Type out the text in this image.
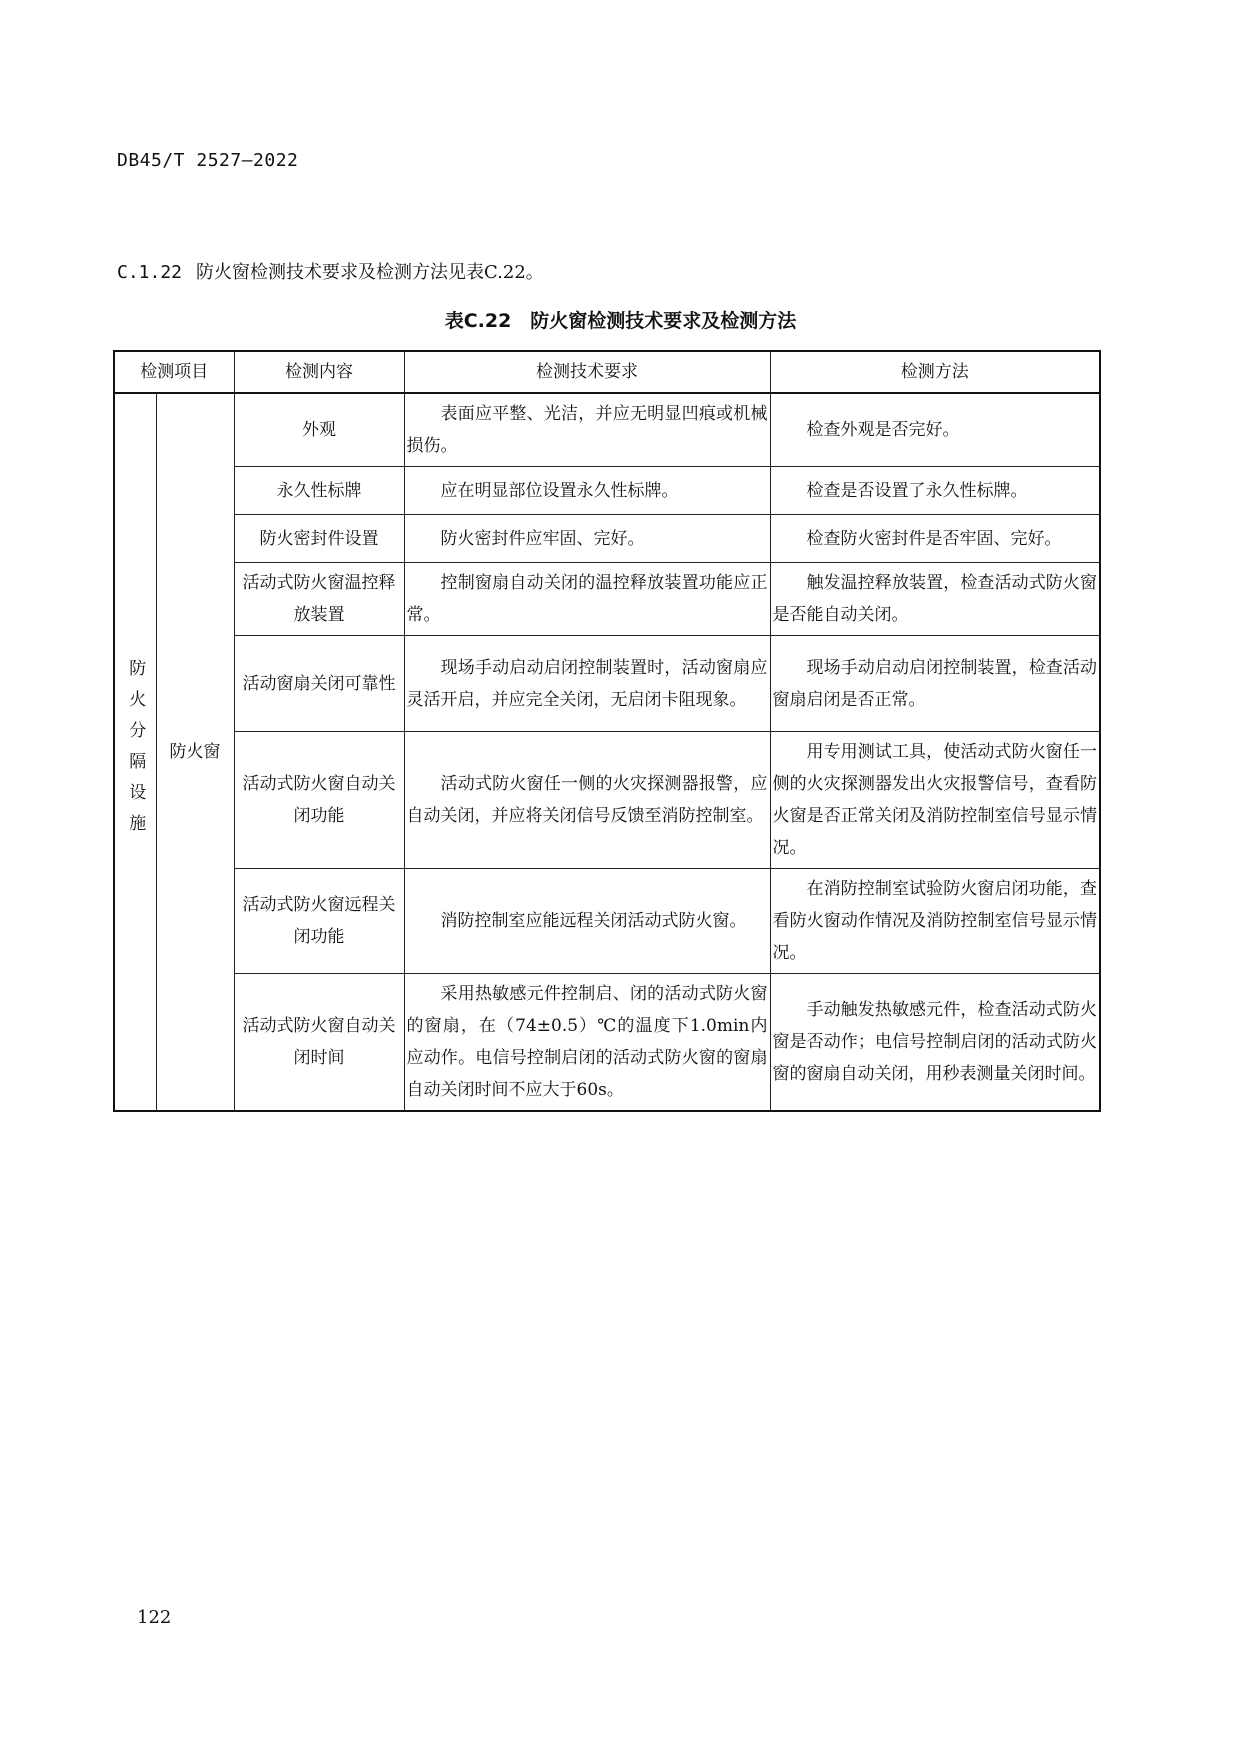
DB45/T 2527—2022
C.1.22 防火窗检测技术要求及检测方法见表C.22。
表C.22　防火窗检测技术要求及检测方法
检测项目		检测内容	检测技术要求	检测方法
防火分隔设施	防火窗	外观	表面应平整、光洁，并应无明显凹痕或机械损伤。	检查外观是否完好。
		永久性标牌	应在明显部位设置永久性标牌。	检查是否设置了永久性标牌。
		防火密封件设置	防火密封件应牢固、完好。	检查防火密封件是否牢固、完好。
		活动式防火窗温控释放装置	控制窗扇自动关闭的温控释放装置功能应正常。	触发温控释放装置，检查活动式防火窗是否能自动关闭。
		活动窗扇关闭可靠性	现场手动启动启闭控制装置时，活动窗扇应灵活开启，并应完全关闭，无启闭卡阻现象。	现场手动启动启闭控制装置，检查活动窗扇启闭是否正常。
		活动式防火窗自动关闭功能	活动式防火窗任一侧的火灾探测器报警，应自动关闭，并应将关闭信号反馈至消防控制室。	用专用测试工具，使活动式防火窗任一侧的火灾探测器发出火灾报警信号，查看防火窗是否正常关闭及消防控制室信号显示情况。
		活动式防火窗远程关闭功能	消防控制室应能远程关闭活动式防火窗。	在消防控制室试验防火窗启闭功能，查看防火窗动作情况及消防控制室信号显示情况。
		活动式防火窗自动关闭时间	采用热敏感元件控制启、闭的活动式防火窗的窗扇，在（74±0.5）℃的温度下1.0min内应动作。电信号控制启闭的活动式防火窗的窗扇自动关闭时间不应大于60s。	手动触发热敏感元件，检查活动式防火窗是否动作；电信号控制启闭的活动式防火窗的窗扇自动关闭，用秒表测量关闭时间。
122
